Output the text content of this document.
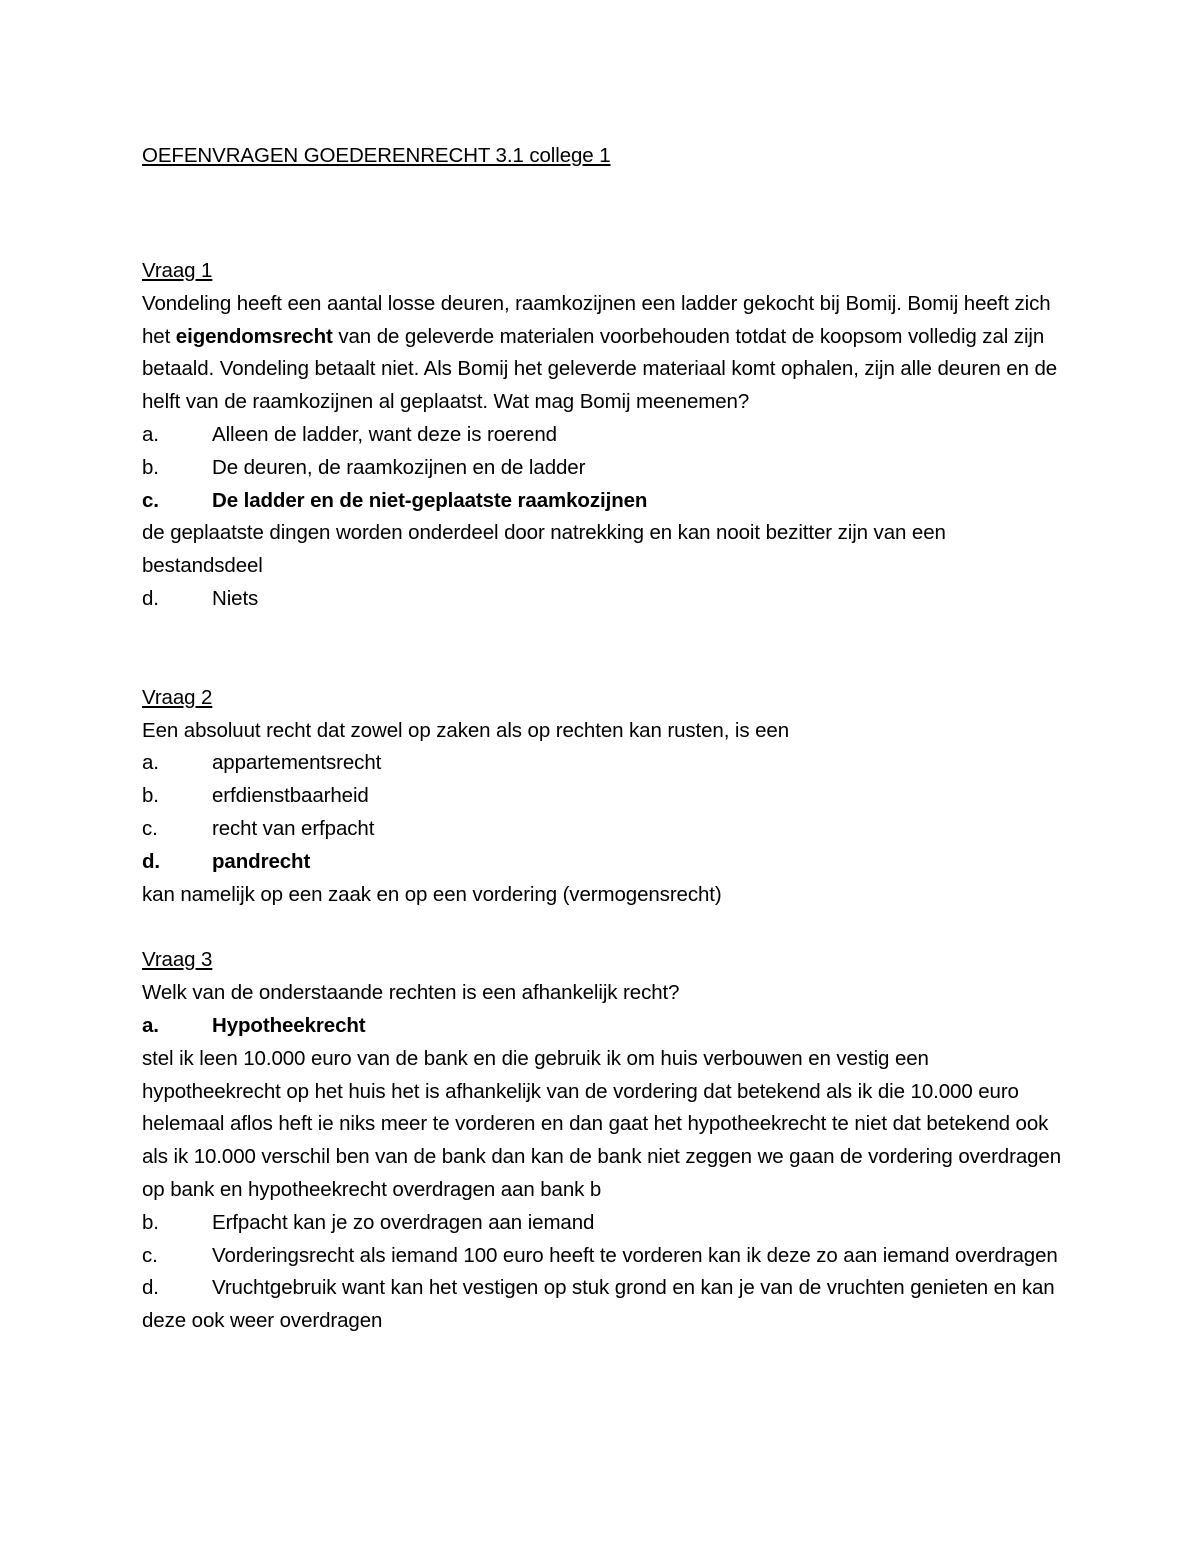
OEFENVRAGEN GOEDERENRECHT 3.1 college 1

Vraag 1

Vondeling heeft een aantal losse deuren, raamkozijnen een ladder gekocht bij Bomij. Bomij heeft zich het eigendomsrecht van de geleverde materialen voorbehouden totdat de koopsom volledig zal zijn betaald. Vondeling betaalt niet. Als Bomij het geleverde materiaal komt ophalen, zijn alle deuren en de helft van de raamkozijnen al geplaatst. Wat mag Bomij meenemen?

a.	Alleen de ladder, want deze is roerend
b.	De deuren, de raamkozijnen en de ladder
c.	De ladder en de niet-geplaatste raamkozijnen

de geplaatste dingen worden onderdeel door natrekking en kan nooit bezitter zijn van een bestandsdeel

d.	Niets

Vraag 2

Een absoluut recht dat zowel op zaken als op rechten kan rusten, is een

a.	appartementsrecht
b.	erfdienstbaarheid
c.	recht van erfpacht
d.	pandrecht

kan namelijk op een zaak en op een vordering (vermogensrecht)

Vraag 3

Welk van de onderstaande rechten is een afhankelijk recht?

a.	Hypotheekrecht

stel ik leen 10.000 euro van de bank en die gebruik ik om huis verbouwen en vestig een hypotheekrecht op het huis het is afhankelijk van de vordering dat betekend als ik die 10.000 euro helemaal aflos heft ie niks meer te vorderen en dan gaat het hypotheekrecht te niet dat betekend ook als ik 10.000 verschil ben van de bank dan kan de bank niet zeggen we gaan de vordering overdragen op bank en hypotheekrecht overdragen aan bank b

b.	Erfpacht kan je zo overdragen aan iemand
c.	Vorderingsrecht als iemand 100 euro heeft te vorderen kan ik deze zo aan iemand overdragen
d.	Vruchtgebruik want kan het vestigen op stuk grond en kan je van de vruchten genieten en kan deze ook weer overdragen
